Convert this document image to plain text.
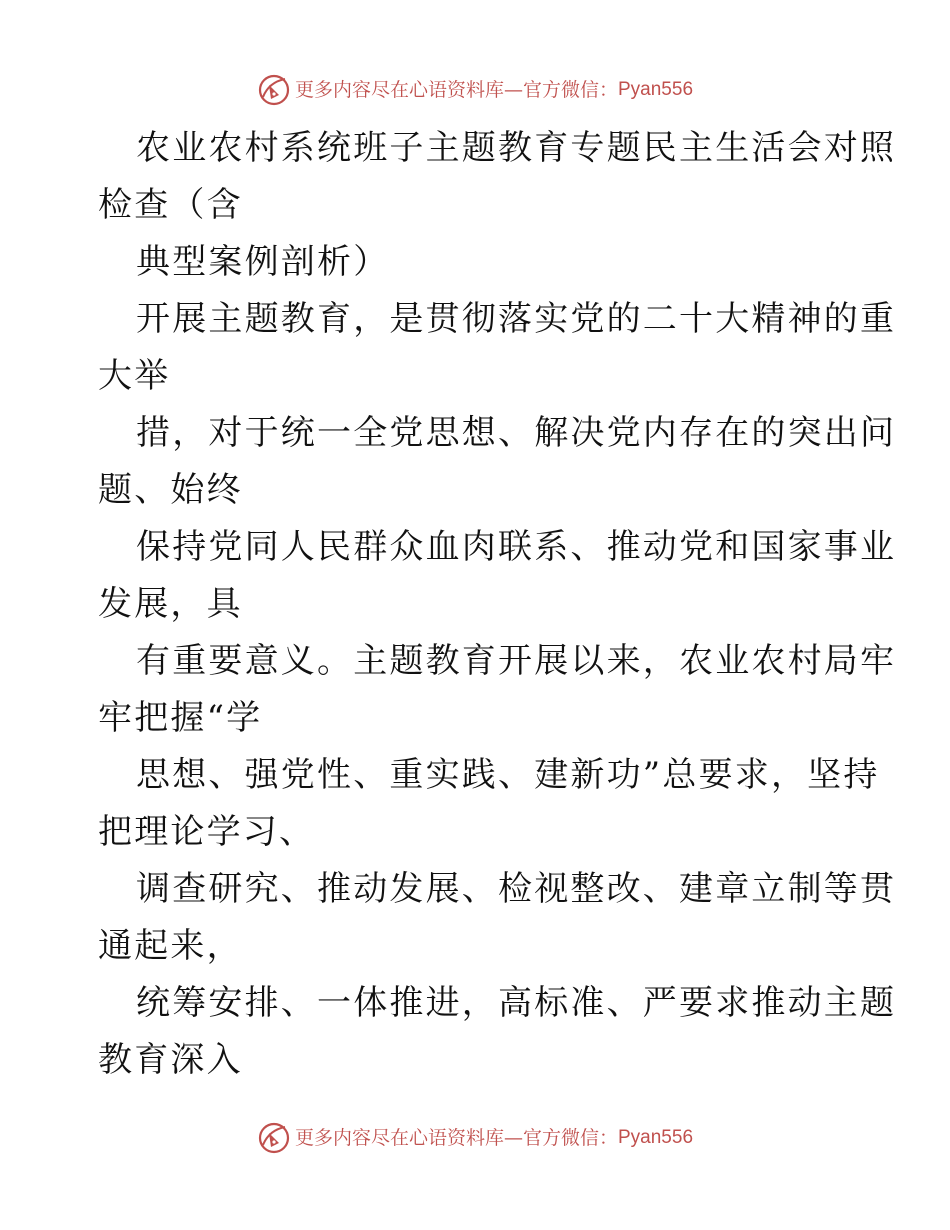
更多内容尽在心语资料库 — 官方微信： Pyan556
农业农村系统班子主题教育专题民主生活会对照
检查（含
典型案例剖析）
开展主题教育，是贯彻落实党的二十大精神的重
大举
措，对于统一全党思想、解决党内存在的突出问
题、始终
保持党同人民群众血肉联系、推动党和国家事业
发展，具
有重要意义。主题教育开展以来，农业农村局牢
牢把握“学
思想、强党性、重实践、建新功”总要求，坚持
把理论学习、
调查研究、推动发展、检视整改、建章立制等贯
通起来，
统筹安排、一体推进，高标准、严要求推动主题
教育深入
更多内容尽在心语资料库 — 官方微信： Pyan556
